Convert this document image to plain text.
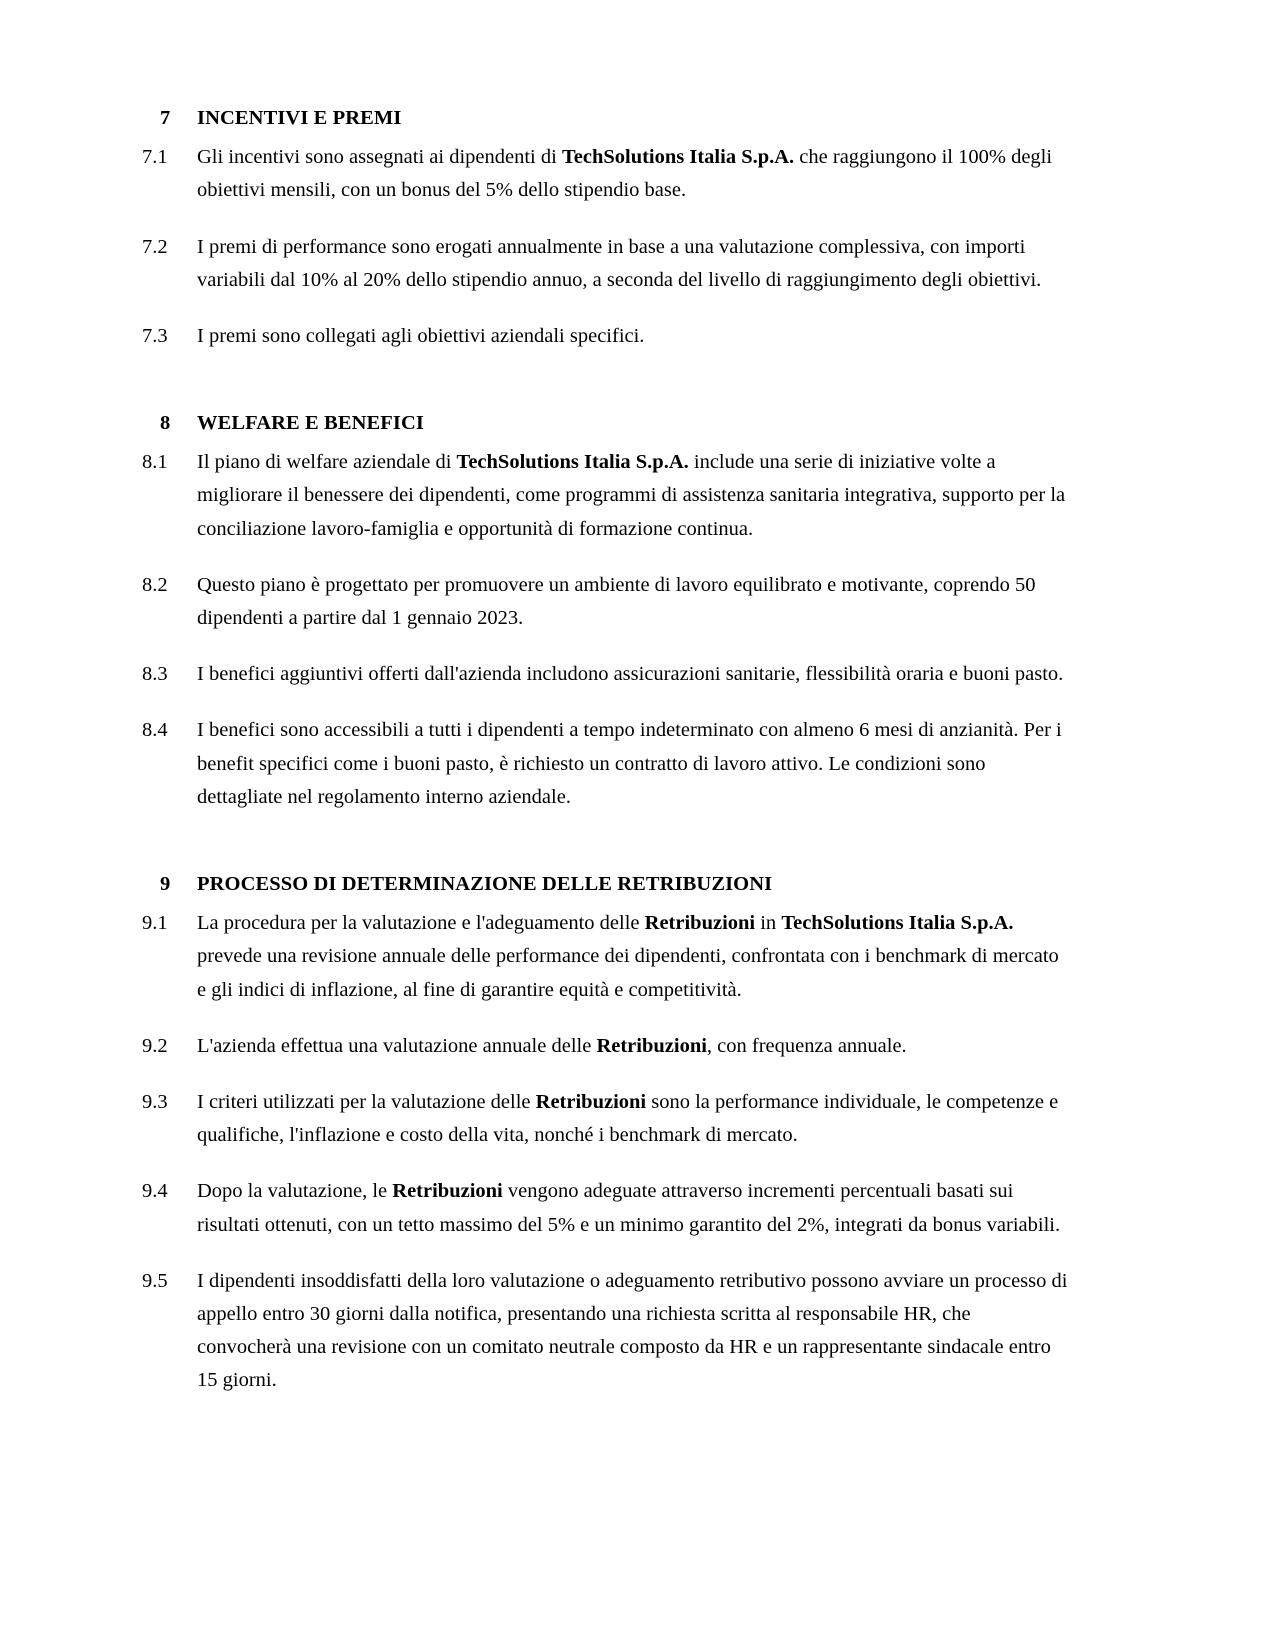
7	INCENTIVI E PREMI
7.1	Gli incentivi sono assegnati ai dipendenti di TechSolutions Italia S.p.A. che raggiungono il 100% degli obiettivi mensili, con un bonus del 5% dello stipendio base.
7.2	I premi di performance sono erogati annualmente in base a una valutazione complessiva, con importi variabili dal 10% al 20% dello stipendio annuo, a seconda del livello di raggiungimento degli obiettivi.
7.3	I premi sono collegati agli obiettivi aziendali specifici.
8	WELFARE E BENEFICI
8.1	Il piano di welfare aziendale di TechSolutions Italia S.p.A. include una serie di iniziative volte a migliorare il benessere dei dipendenti, come programmi di assistenza sanitaria integrativa, supporto per la conciliazione lavoro-famiglia e opportunità di formazione continua.
8.2	Questo piano è progettato per promuovere un ambiente di lavoro equilibrato e motivante, coprendo 50 dipendenti a partire dal 1 gennaio 2023.
8.3	I benefici aggiuntivi offerti dall'azienda includono assicurazioni sanitarie, flessibilità oraria e buoni pasto.
8.4	I benefici sono accessibili a tutti i dipendenti a tempo indeterminato con almeno 6 mesi di anzianità. Per i benefit specifici come i buoni pasto, è richiesto un contratto di lavoro attivo. Le condizioni sono dettagliate nel regolamento interno aziendale.
9	PROCESSO DI DETERMINAZIONE DELLE RETRIBUZIONI
9.1	La procedura per la valutazione e l'adeguamento delle Retribuzioni in TechSolutions Italia S.p.A. prevede una revisione annuale delle performance dei dipendenti, confrontata con i benchmark di mercato e gli indici di inflazione, al fine di garantire equità e competitività.
9.2	L'azienda effettua una valutazione annuale delle Retribuzioni, con frequenza annuale.
9.3	I criteri utilizzati per la valutazione delle Retribuzioni sono la performance individuale, le competenze e qualifiche, l'inflazione e costo della vita, nonché i benchmark di mercato.
9.4	Dopo la valutazione, le Retribuzioni vengono adeguate attraverso incrementi percentuali basati sui risultati ottenuti, con un tetto massimo del 5% e un minimo garantito del 2%, integrati da bonus variabili.
9.5	I dipendenti insoddisfatti della loro valutazione o adeguamento retributivo possono avviare un processo di appello entro 30 giorni dalla notifica, presentando una richiesta scritta al responsabile HR, che convocherà una revisione con un comitato neutrale composto da HR e un rappresentante sindacale entro 15 giorni.
